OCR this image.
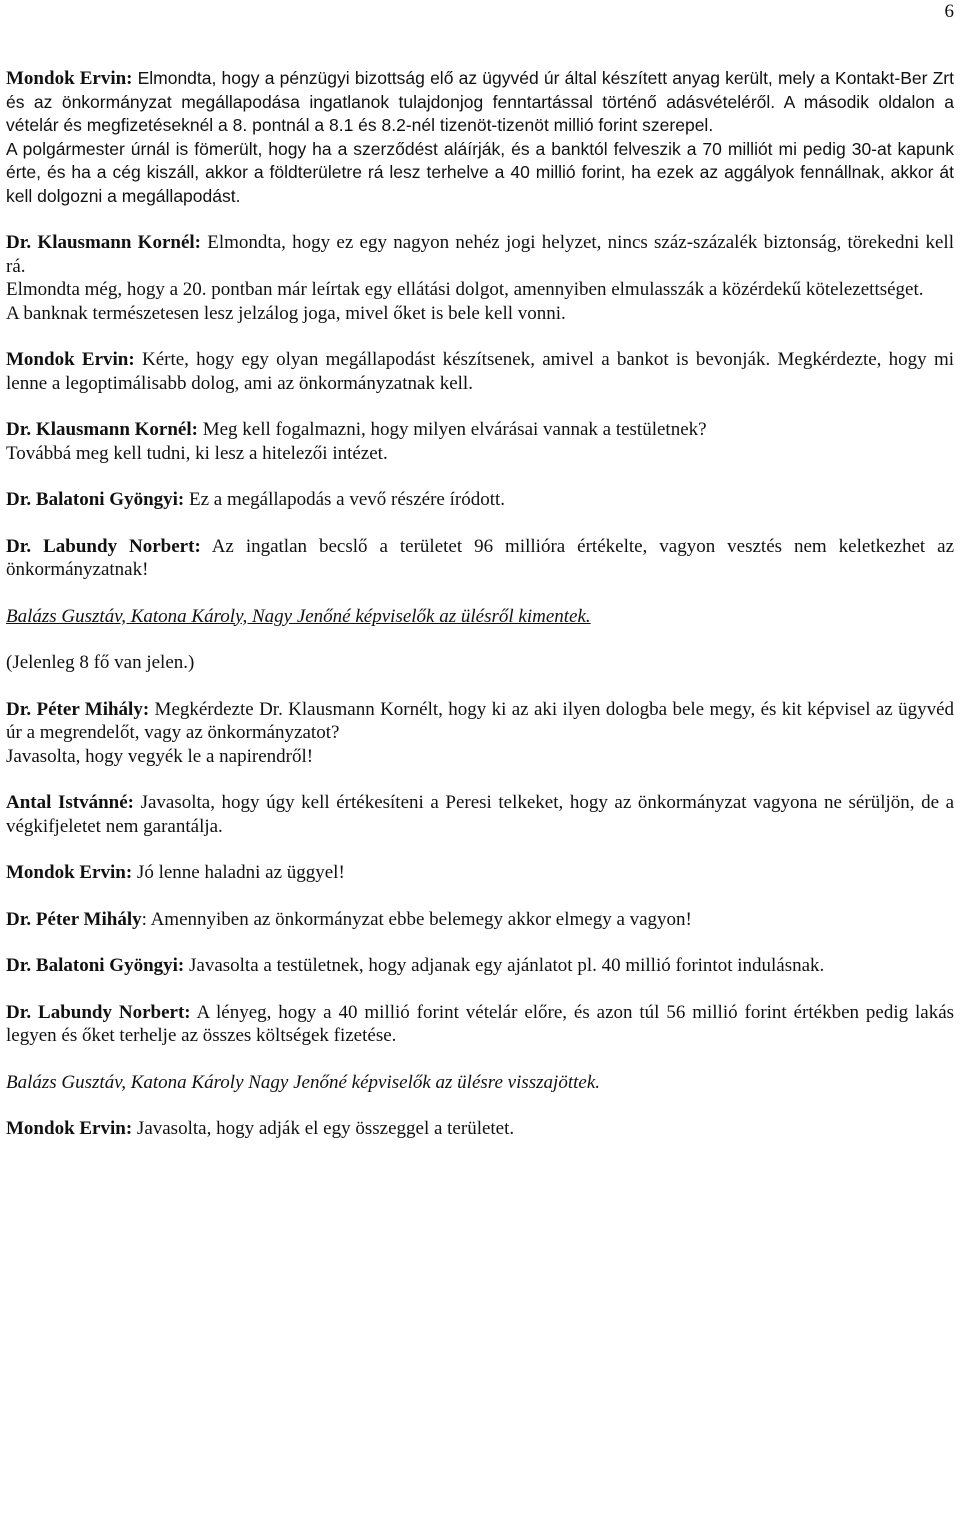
6

Mondok Ervin: Elmondta, hogy a pénzügyi bizottság elő az ügyvéd úr által készített anyag került, mely a Kontakt-Ber Zrt és az önkormányzat megállapodása ingatlanok tulajdonjog fenntartással történő adásvételéről. A második oldalon a vételár és megfizetéseknél a 8. pontnál a 8.1 és 8.2-nél tizenöt-tizenöt millió forint szerepel.

A polgármester úrnál is fömerült, hogy ha a szerződést aláírják, és a banktól felveszik a 70 milliót mi pedig 30-at kapunk érte, és ha a cég kiszáll, akkor a földterületre rá lesz terhelve a 40 millió forint, ha ezek az aggályok fennállnak, akkor át kell dolgozni a megállapodást.

Dr. Klausmann Kornél: Elmondta, hogy ez egy nagyon nehéz jogi helyzet, nincs száz-százalék biztonság, törekedni kell rá.

Elmondta még, hogy a 20. pontban már leírtak egy ellátási dolgot, amennyiben elmulasszák a közérdekű kötelezettséget.

A banknak természetesen lesz jelzálog joga, mivel őket is bele kell vonni.

Mondok Ervin: Kérte, hogy egy olyan megállapodást készítsenek, amivel a bankot is bevonják. Megkérdezte, hogy mi lenne a legoptimálisabb dolog, ami az önkormányzatnak kell.

Dr. Klausmann Kornél: Meg kell fogalmazni, hogy milyen elvárásai vannak a testületnek?

Továbbá meg kell tudni, ki lesz a hitelezői intézet.

Dr. Balatoni Gyöngyi: Ez a megállapodás a vevő részére íródott.

Dr. Labundy Norbert: Az ingatlan becslő a területet 96 millióra értékelte, vagyon vesztés nem keletkezhet az önkormányzatnak!

Balázs Gusztáv, Katona Károly, Nagy Jenőné képviselők az ülésről kimentek.

(Jelenleg 8 fő van jelen.)

Dr. Péter Mihály: Megkérdezte Dr. Klausmann Kornélt, hogy ki az aki ilyen dologba bele megy, és kit képvisel az ügyvéd úr a megrendelőt, vagy az önkormányzatot?

Javasolta, hogy vegyék le a napirendről!

Antal Istvánné: Javasolta, hogy úgy kell értékesíteni a Peresi telkeket, hogy az önkormányzat vagyona ne sérüljön, de a végkifjeletet nem garantálja.

Mondok Ervin: Jó lenne haladni az üggyel!

Dr. Péter Mihály: Amennyiben az önkormányzat ebbe belemegy akkor elmegy a vagyon!

Dr. Balatoni Gyöngyi: Javasolta a testületnek, hogy adjanak egy ajánlatot pl. 40 millió forintot indulásnak.

Dr. Labundy Norbert: A lényeg, hogy a 40 millió forint vételár előre, és azon túl 56 millió forint értékben pedig lakás legyen és őket terhelje az összes költségek fizetése.

Balázs Gusztáv, Katona Károly Nagy Jenőné képviselők az ülésre visszajöttek.

Mondok Ervin: Javasolta, hogy adják el egy összeggel a területet.
